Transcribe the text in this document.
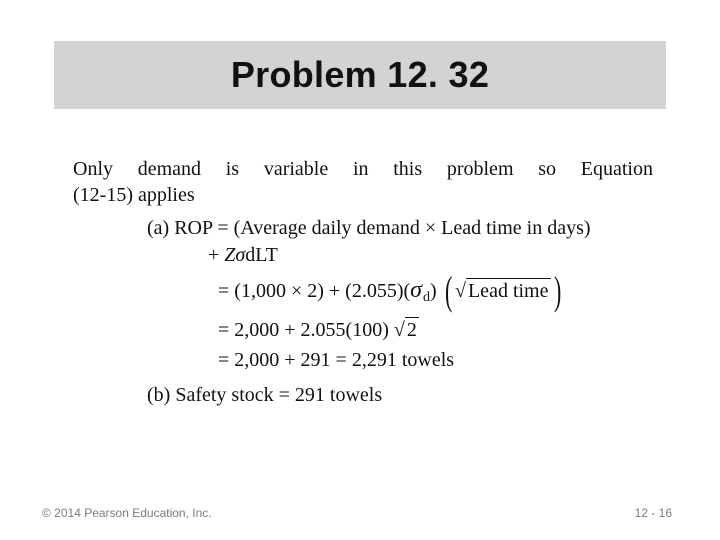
Problem 12. 32
Only demand is variable in this problem so Equation
(12-15) applies
(a) ROP = (Average daily demand × Lead time in days)
+ ZσdLT
= $(1,000 \times 2) + (2.055)(\sigma_d)$ ( √ Lead time )
= 2,000 + 2.055(100) √ 2
= 2,000 + 291 = 2,291 towels
(b) Safety stock = 291 towels
© 2014 Pearson Education, Inc.	12 - 16
